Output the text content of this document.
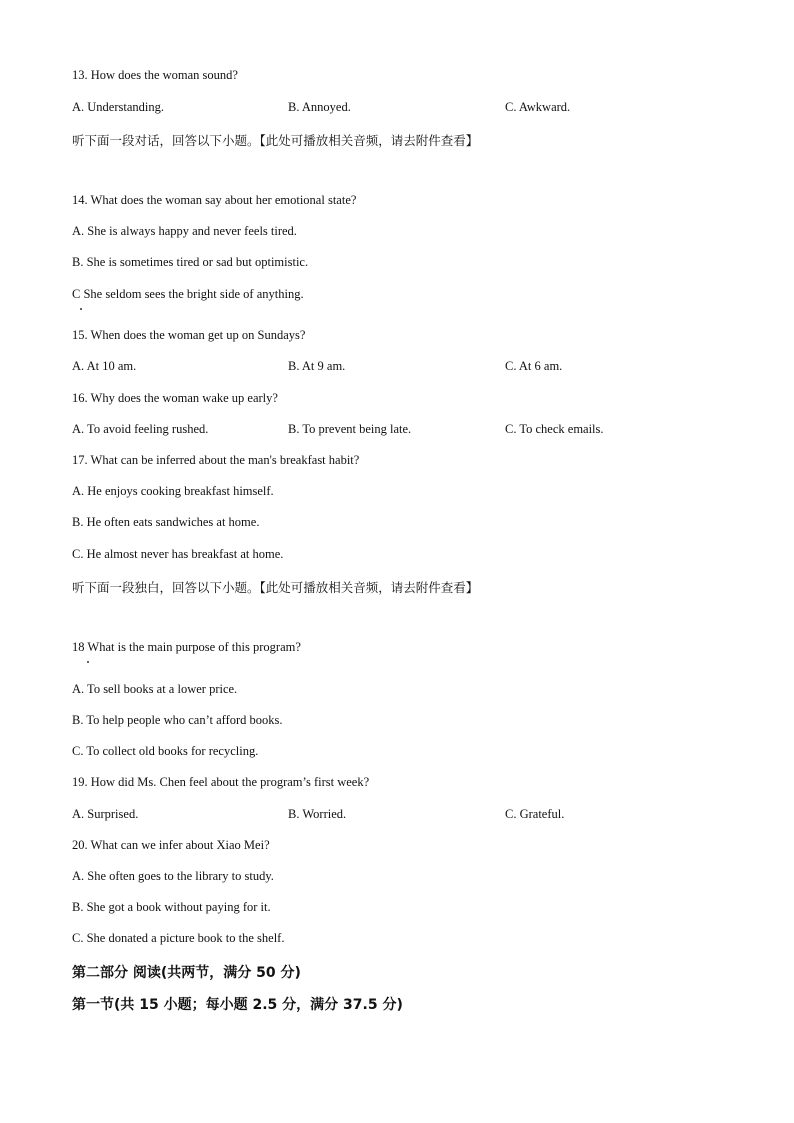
13. How does the woman sound?
A. Understanding.	B. Annoyed.	C. Awkward.
听下面一段对话，回答以下小题。【此处可播放相关音频，请去附件查看】
14. What does the woman say about her emotional state?
A. She is always happy and never feels tired.
B. She is sometimes tired or sad but optimistic.
C She seldom sees the bright side of anything.
15. When does the woman get up on Sundays?
A. At 10 am.	B. At 9 am.	C. At 6 am.
16. Why does the woman wake up early?
A. To avoid feeling rushed.	B. To prevent being late.	C. To check emails.
17. What can be inferred about the man's breakfast habit?
A. He enjoys cooking breakfast himself.
B. He often eats sandwiches at home.
C. He almost never has breakfast at home.
听下面一段独白，回答以下小题。【此处可播放相关音频，请去附件查看】
18 What is the main purpose of this program?
A. To sell books at a lower price.
B. To help people who can’t afford books.
C. To collect old books for recycling.
19. How did Ms. Chen feel about the program’s first week?
A. Surprised.	B. Worried.	C. Grateful.
20. What can we infer about Xiao Mei?
A. She often goes to the library to study.
B. She got a book without paying for it.
C. She donated a picture book to the shelf.
第二部分 阅读(共两节，满分 50 分)
第一节(共 15 小题；每小题 2.5 分，满分 37.5 分)
